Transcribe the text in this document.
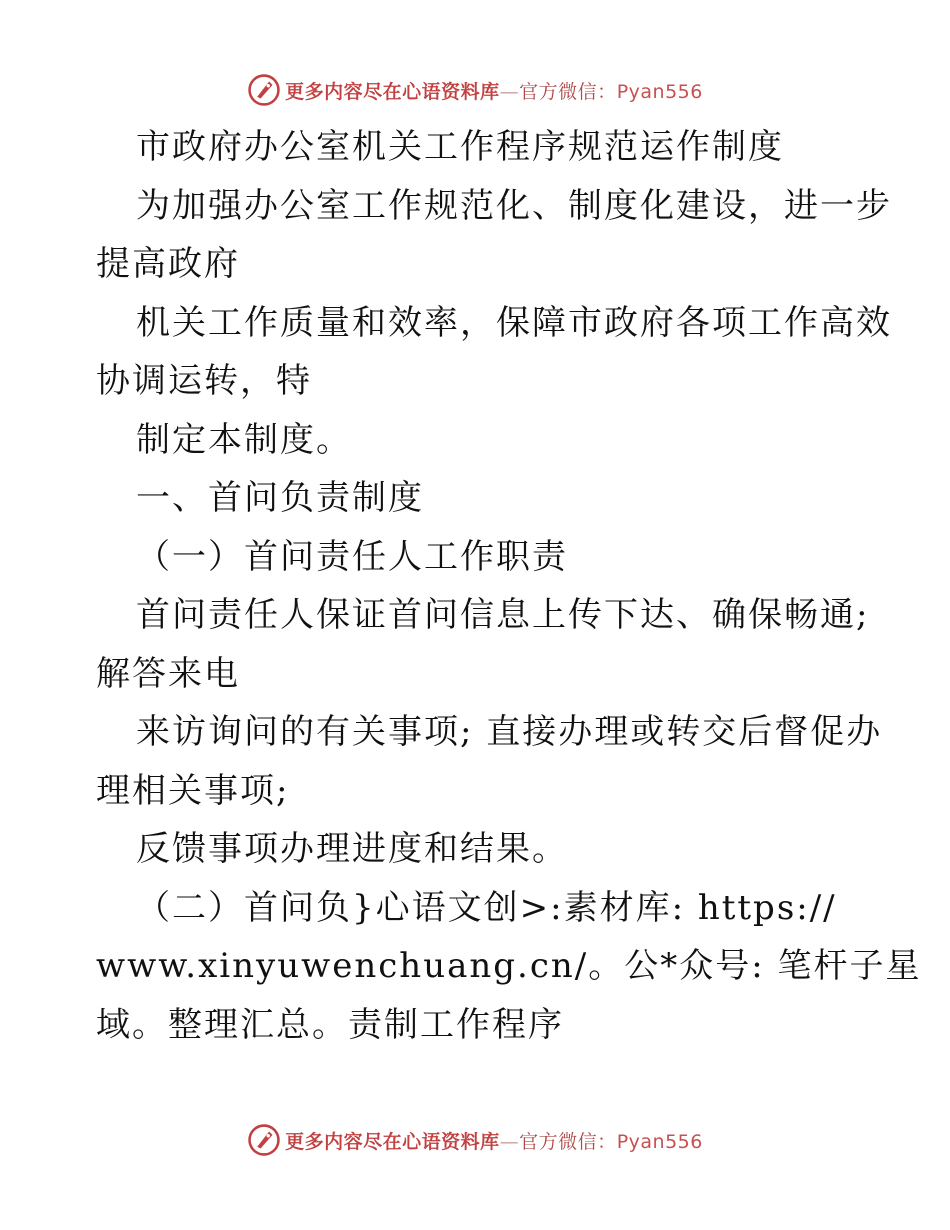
更多内容尽在心语资料库—官方微信：Pyan556
市政府办公室机关工作程序规范运作制度
为加强办公室工作规范化、制度化建设，进一步
提高政府
机关工作质量和效率，保障市政府各项工作高效
协调运转，特
制定本制度。
一、首问负责制度
（一）首问责任人工作职责
首问责任人保证首问信息上传下达、确保畅通;
解答来电
来访询问的有关事项; 直接办理或转交后督促办
理相关事项;
反馈事项办理进度和结果。
（二）首问负}心语文创>:素材库: https://
www.xinyuwenchuang.cn/。公*众号: 笔杆子星
域。整理汇总。责制工作程序
更多内容尽在心语资料库—官方微信：Pyan556
